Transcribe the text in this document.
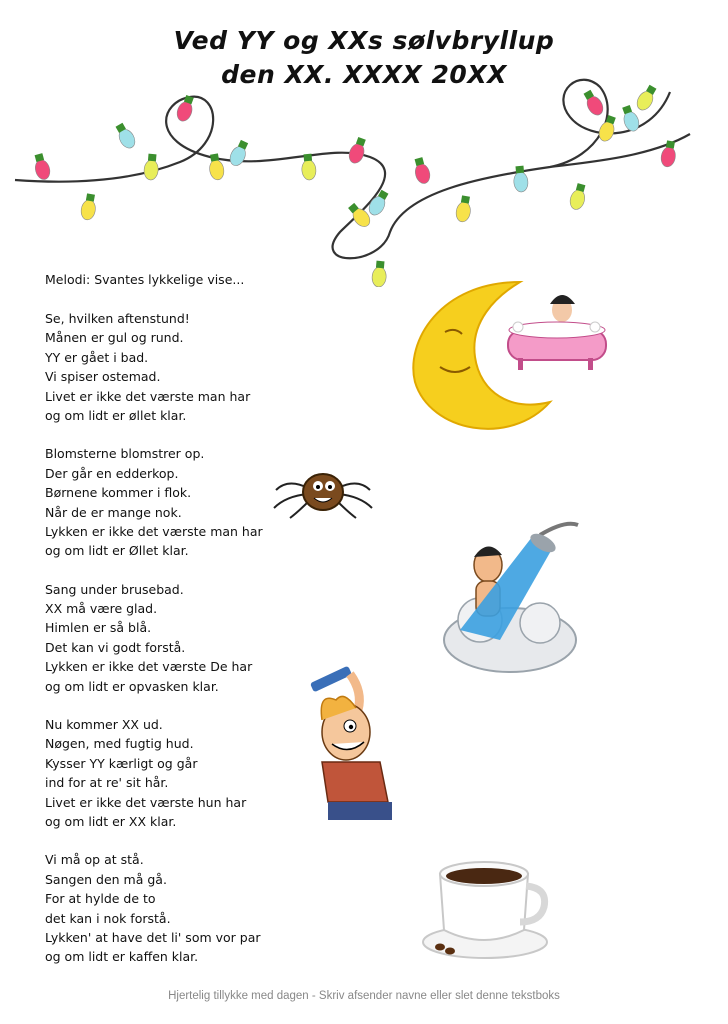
Ved YY og XXs sølvbryllup
den XX. XXXX 20XX
Melodi: Svantes lykkelige vise...
Se, hvilken aftenstund!
Månen er gul og rund.
YY er gået i bad.
Vi spiser ostemad.
Livet er ikke det værste man har
og om lidt er øllet klar.
Blomsterne blomstrer op.
Der går en edderkop.
Børnene kommer i flok.
Når de er mange nok.
Lykken er ikke det værste man har
og om lidt er Øllet klar.
Sang under brusebad.
XX må være glad.
Himlen er så blå.
Det kan vi godt forstå.
Lykken er ikke det værste De har
og om lidt er opvasken klar.
Nu kommer XX ud.
Nøgen, med fugtig hud.
Kysser YY kærligt og går
ind for at re' sit hår.
Livet er ikke det værste hun har
og om lidt er XX klar.
Vi må op at stå.
Sangen den må gå.
For at hylde de to
det kan i nok forstå.
Lykken' at have det li' som vor par
og om lidt er kaffen klar.
Hjertelig tillykke med dagen - Skriv afsender navne eller slet denne tekstboks
